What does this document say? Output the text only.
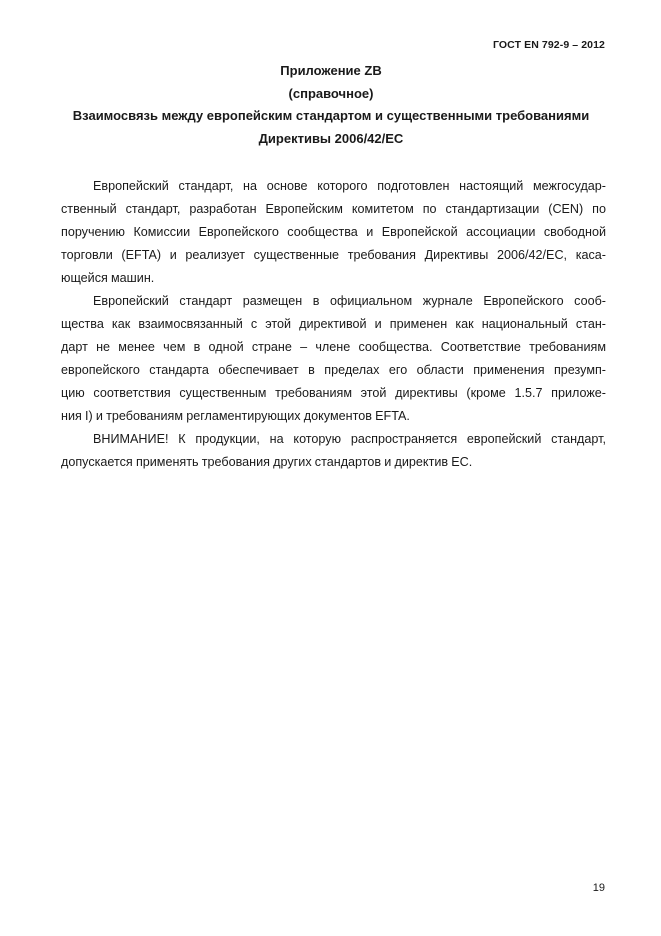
ГОСТ EN 792-9 – 2012
Приложение ZB
(справочное)
Взаимосвязь между европейским стандартом и существенными требованиями
Директивы 2006/42/ЕС
Европейский стандарт, на основе которого подготовлен настоящий межгосудар-
ственный стандарт, разработан Европейским комитетом по стандартизации (CEN) по
поручению Комиссии Европейского сообщества и Европейской ассоциации свободной
торговли (EFTA) и реализует существенные требования Директивы 2006/42/ЕС, каса-
ющейся машин.
Европейский стандарт размещен в официальном журнале Европейского сооб-
щества как взаимосвязанный с этой директивой и применен как национальный стан-
дарт не менее чем в одной стране – члене сообщества. Соответствие требованиям
европейского стандарта обеспечивает в пределах его области применения презумп-
цию соответствия существенным требованиям этой директивы (кроме 1.5.7 приложе-
ния I) и требованиям регламентирующих документов EFTA.
ВНИМАНИЕ! К продукции, на которую распространяется европейский стандарт,
допускается применять требования других стандартов и директив ЕС.
19
